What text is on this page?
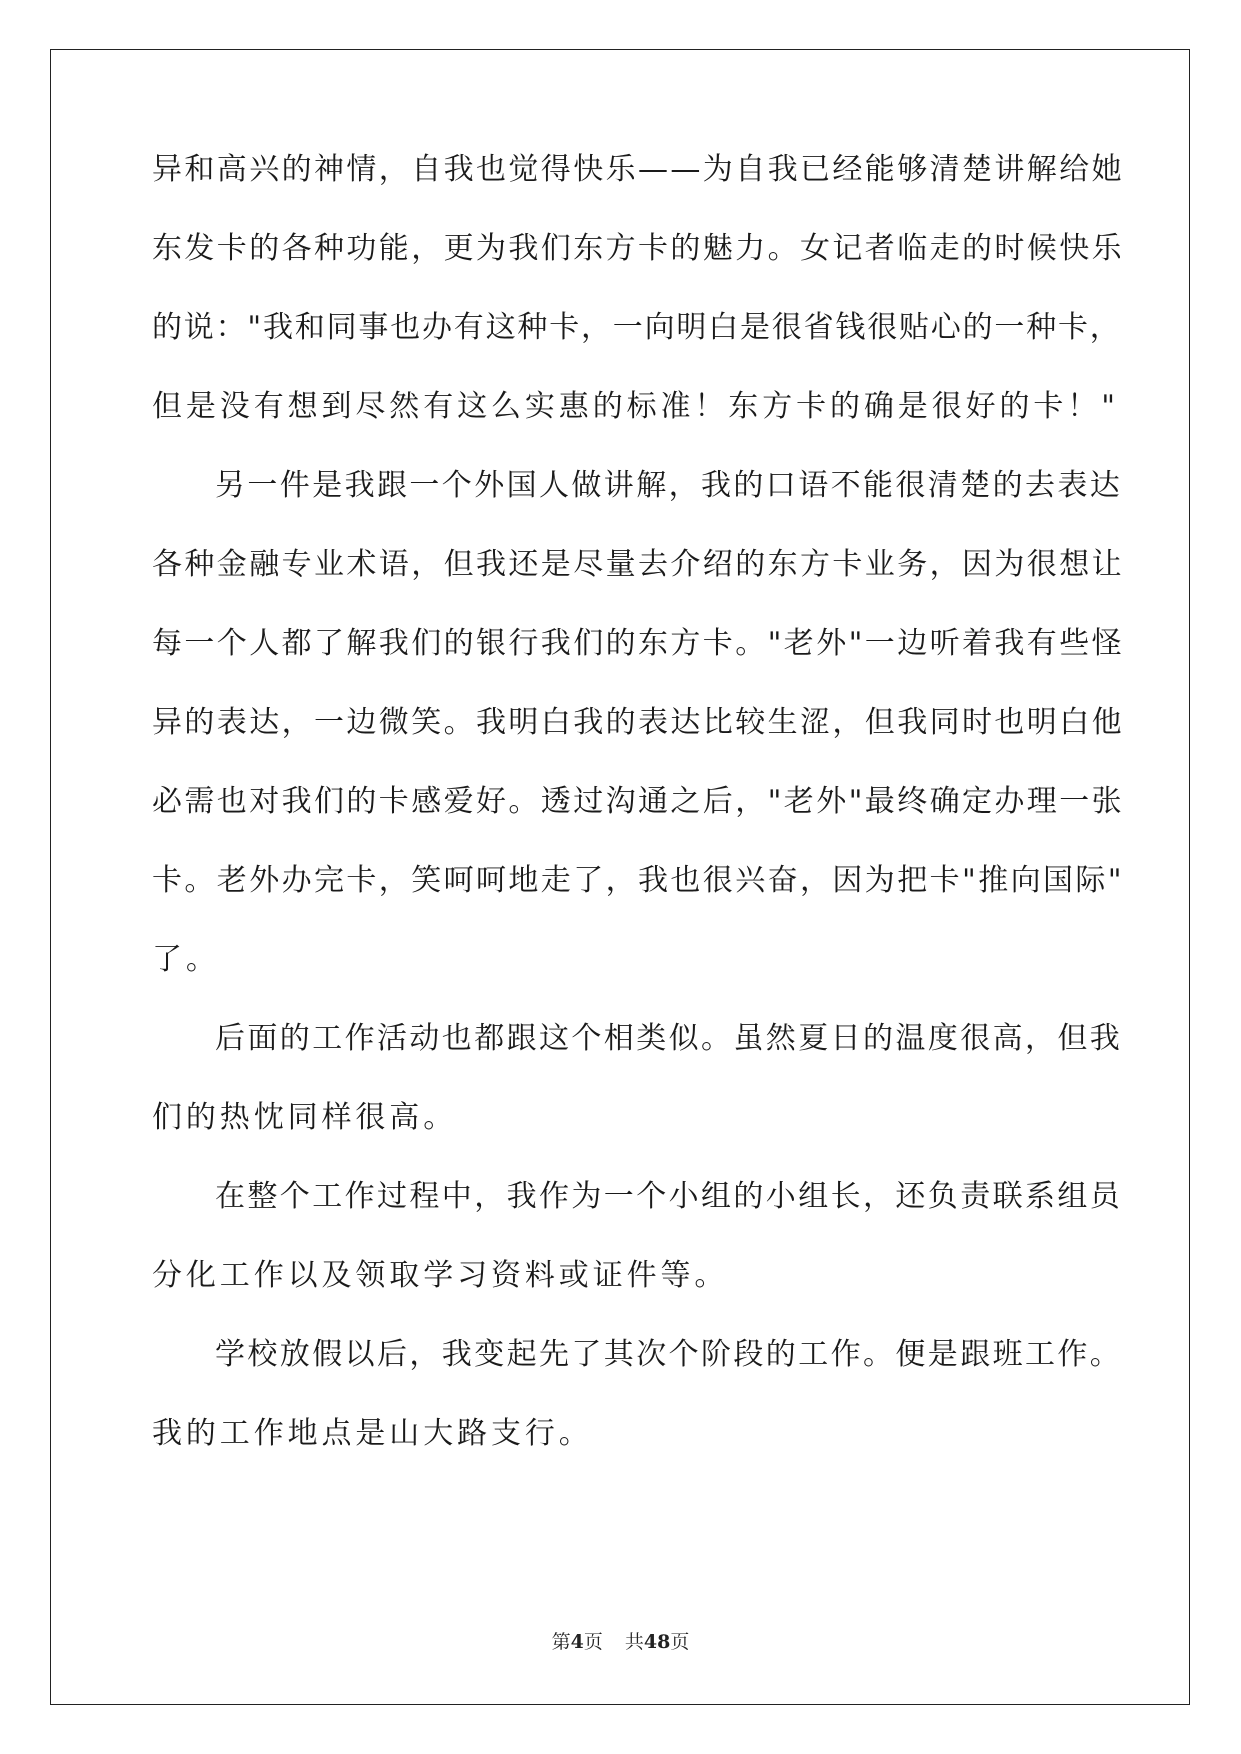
异和高兴的神情，自我也觉得快乐——为自我已经能够清楚讲解给她
东发卡的各种功能，更为我们东方卡的魅力。女记者临走的时候快乐
的说："我和同事也办有这种卡，一向明白是很省钱很贴心的一种卡，
但是没有想到尽然有这么实惠的标准！东方卡的确是很好的卡！"
另一件是我跟一个外国人做讲解，我的口语不能很清楚的去表达
各种金融专业术语，但我还是尽量去介绍的东方卡业务，因为很想让
每一个人都了解我们的银行我们的东方卡。"老外"一边听着我有些怪
异的表达，一边微笑。我明白我的表达比较生涩，但我同时也明白他
必需也对我们的卡感爱好。透过沟通之后，"老外"最终确定办理一张
卡。老外办完卡，笑呵呵地走了，我也很兴奋，因为把卡"推向国际"
了。
后面的工作活动也都跟这个相类似。虽然夏日的温度很高，但我
们的热忱同样很高。
在整个工作过程中，我作为一个小组的小组长，还负责联系组员
分化工作以及领取学习资料或证件等。
学校放假以后，我变起先了其次个阶段的工作。便是跟班工作。
我的工作地点是山大路支行。
第4页 共48页
